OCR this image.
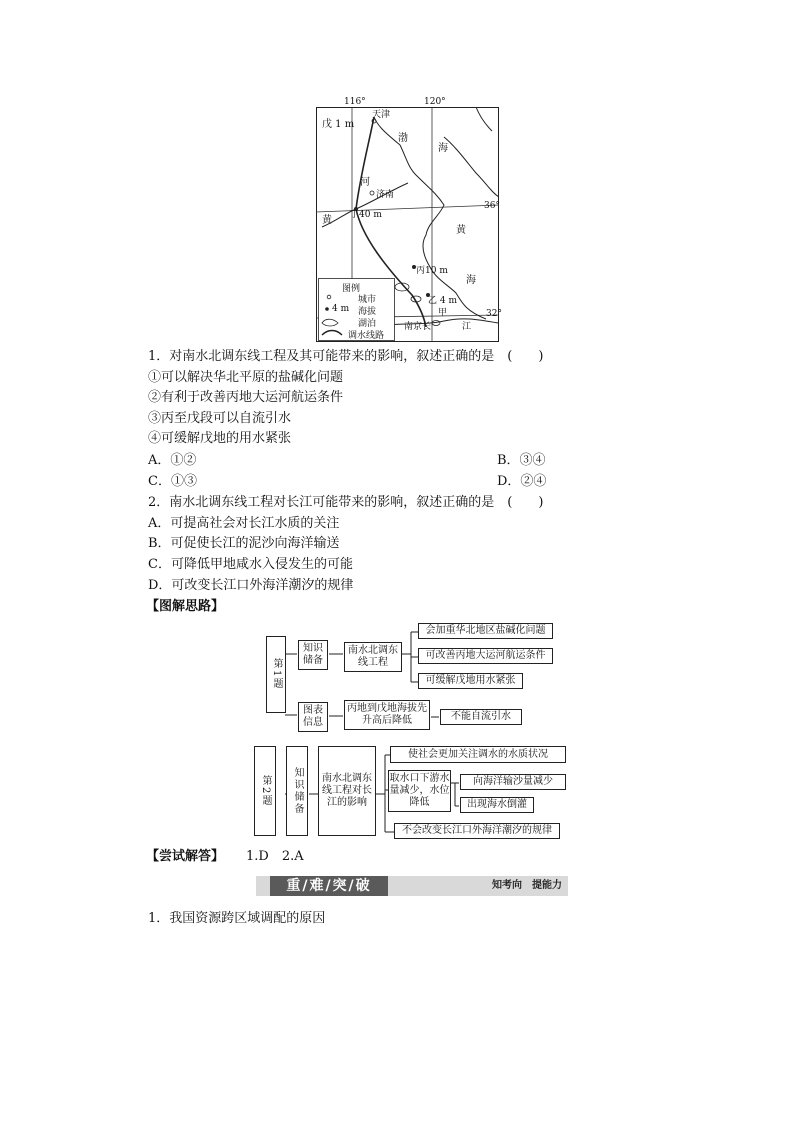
116°	120°
36°
32°
戊 1 m
天津
渤
海
河
济南
黄 丁40 m
黄
丙10 m
海
乙 4 m
甲
南京 长	江
图例
城市
4 m 海拔
湖泊
调水线路
1．对南水北调东线工程及其可能带来的影响，叙述正确的是　(　　)
①可以解决华北平原的盐碱化问题
②有利于改善丙地大运河航运条件
③丙至戊段可以自流引水
④可缓解戊地的用水紧张
A．①②	B．③④
C．①③	D．②④
2．南水北调东线工程对长江可能带来的影响，叙述正确的是　(　　)
A．可提高社会对长江水质的关注
B．可促使长江的泥沙向海洋输送
C．可降低甲地咸水入侵发生的可能
D．可改变长江口外海洋潮汐的规律
【图解思路】
第1题
知识储备
南水北调东线工程
会加重华北地区盐碱化问题
可改善丙地大运河航运条件
可缓解戊地用水紧张
图表信息
丙地到戊地海拔先升高后降低	不能自流引水
第2题	知识储备	南水北调东线工程对长江的影响
使社会更加关注调水的水质状况
取水口下游水量减少，水位降低
向海洋输沙量减少
出现海水倒灌
不会改变长江口外海洋潮汐的规律
【尝试解答】 1.D　2.A
重/难/突/破	知考向　提能力
1．我国资源跨区域调配的原因
